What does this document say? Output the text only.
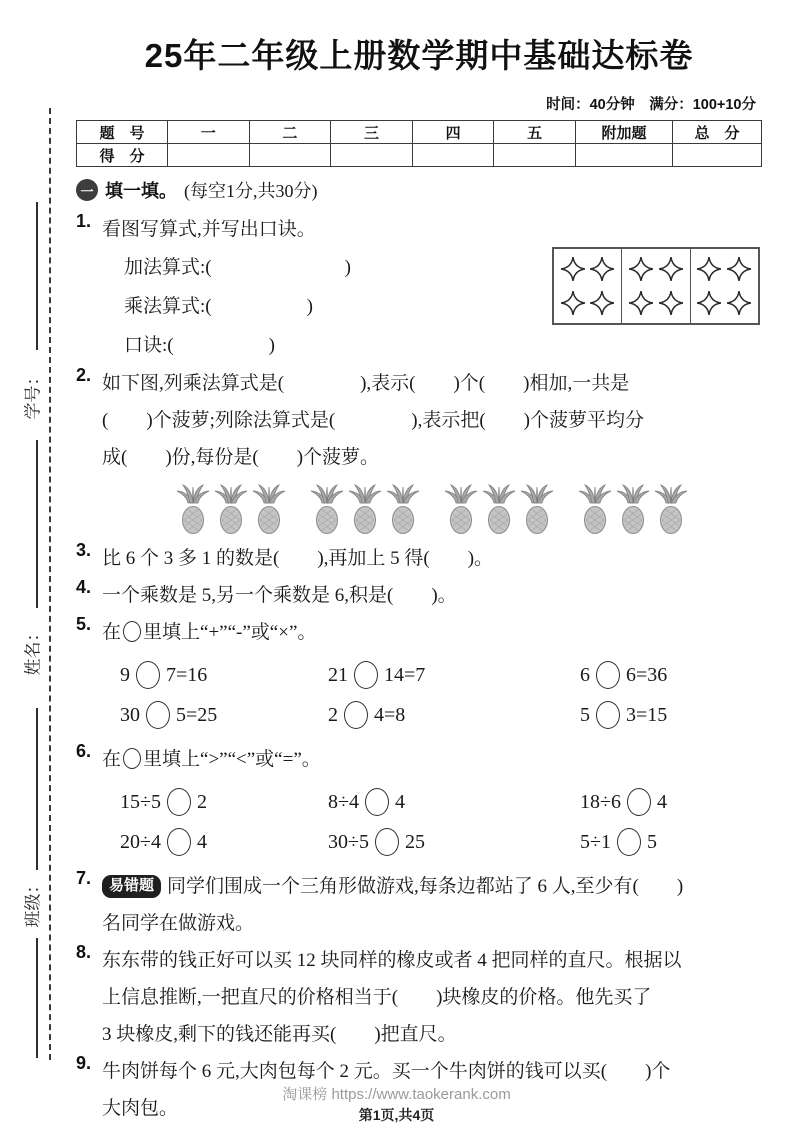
学号：
姓名：
班级：
25年二年级上册数学期中基础达标卷
时间：40分钟　满分：100+10分
题　号	一	二	三	四	五	附加题	总　分
得　分							
一 填一填。 (每空1分,共30分)
1. 看图写算式,并写出口诀。
加法算式:(　　　　　　　)
乘法算式:(　　　　　)
口诀:(　　　　　)
2. 如下图,列乘法算式是(　　　　),表示(　　)个(　　)相加,一共是
(　　)个菠萝;列除法算式是(　　　　),表示把(　　)个菠萝平均分
成(　　)份,每份是(　　)个菠萝。
3. 比 6 个 3 多 1 的数是(　　),再加上 5 得(　　)。
4. 一个乘数是 5,另一个乘数是 6,积是(　　)。
5. 在 里填上“+”“-”或“×”。
9 7=16	21 14=7	6 6=36
30 5=25	2 4=8	5 3=15
6. 在 里填上“>”“<”或“=”。
15÷5 2	8÷4 4	18÷6 4
20÷4 4	30÷5 25	5÷1 5
7.	易错题 同学们围成一个三角形做游戏,每条边都站了 6 人,至少有(　　)
名同学在做游戏。
8. 东东带的钱正好可以买 12 块同样的橡皮或者 4 把同样的直尺。根据以
上信息推断,一把直尺的价格相当于(　　)块橡皮的价格。他先买了
3 块橡皮,剩下的钱还能再买(　　)把直尺。
9. 牛肉饼每个 6 元,大肉包每个 2 元。买一个牛肉饼的钱可以买(　　)个
大肉包。
淘课榜 https://www.taokerank.com
第1页,共4页
